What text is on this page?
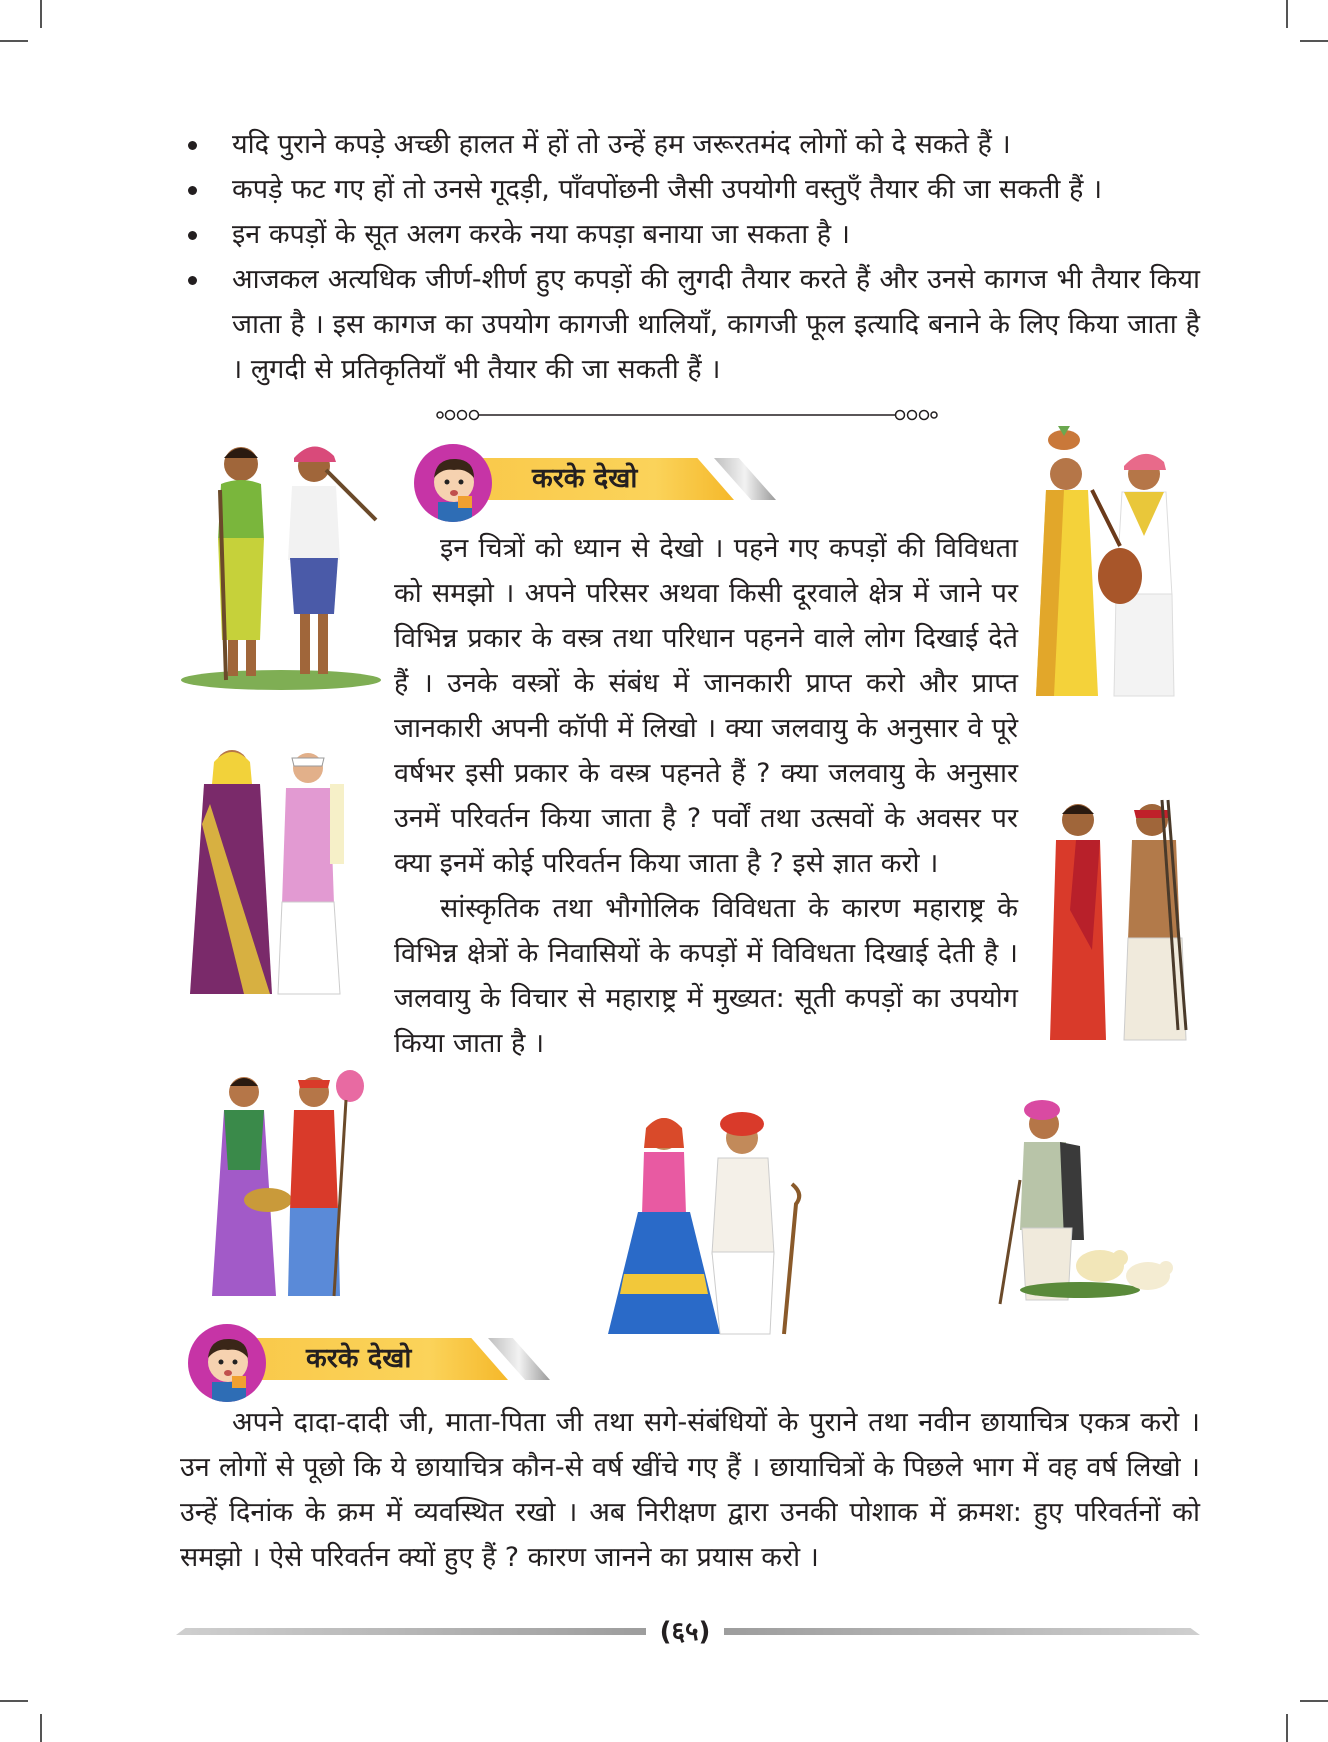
यदि पुराने कपड़े अच्छी हालत में हों तो उन्हें हम जरूरतमंद लोगों को दे सकते हैं ।
कपड़े फट गए हों तो उनसे गूदड़ी, पाँवपोंछनी जैसी उपयोगी वस्तुएँ तैयार की जा सकती हैं ।
इन कपड़ों के सूत अलग करके नया कपड़ा बनाया जा सकता है ।
आजकल अत्यधिक जीर्ण-शीर्ण हुए कपड़ों की लुगदी तैयार करते हैं और उनसे कागज भी तैयार किया जाता है । इस कागज का उपयोग कागजी थालियाँ, कागजी फूल इत्यादि बनाने के लिए किया जाता है । लुगदी से प्रतिकृतियाँ भी तैयार की जा सकती हैं ।
करके देखो

इन चित्रों को ध्यान से देखो । पहने गए कपड़ों की विविधता को समझो । अपने परिसर अथवा किसी दूरवाले क्षेत्र में जाने पर विभिन्न प्रकार के वस्त्र तथा परिधान पहनने वाले लोग दिखाई देते हैं । उनके वस्त्रों के संबंध में जानकारी प्राप्त करो और प्राप्त जानकारी अपनी कॉपी में लिखो । क्या जलवायु के अनुसार वे पूरे वर्षभर इसी प्रकार के वस्त्र पहनते हैं ? क्या जलवायु के अनुसार उनमें परिवर्तन किया जाता है ? पर्वों तथा उत्सवों के अवसर पर क्या इनमें कोई परिवर्तन किया जाता है ? इसे ज्ञात करो ।

सांस्कृतिक तथा भौगोलिक विविधता के कारण महाराष्ट्र के विभिन्न क्षेत्रों के निवासियों के कपड़ों में विविधता दिखाई देती है । जलवायु के विचार से महाराष्ट्र में मुख्यत: सूती कपड़ों का उपयोग किया जाता है ।

करके देखो

अपने दादा-दादी जी, माता-पिता जी तथा सगे-संबंधियों के पुराने तथा नवीन छायाचित्र एकत्र करो । उन लोगों से पूछो कि ये छायाचित्र कौन-से वर्ष खींचे गए हैं । छायाचित्रों के पिछले भाग में वह वर्ष लिखो । उन्हें दिनांक के क्रम में व्यवस्थित रखो । अब निरीक्षण द्वारा उनकी पोशाक में क्रमश: हुए परिवर्तनों को समझो । ऐसे परिवर्तन क्यों हुए हैं ? कारण जानने का प्रयास करो ।

(६५)
